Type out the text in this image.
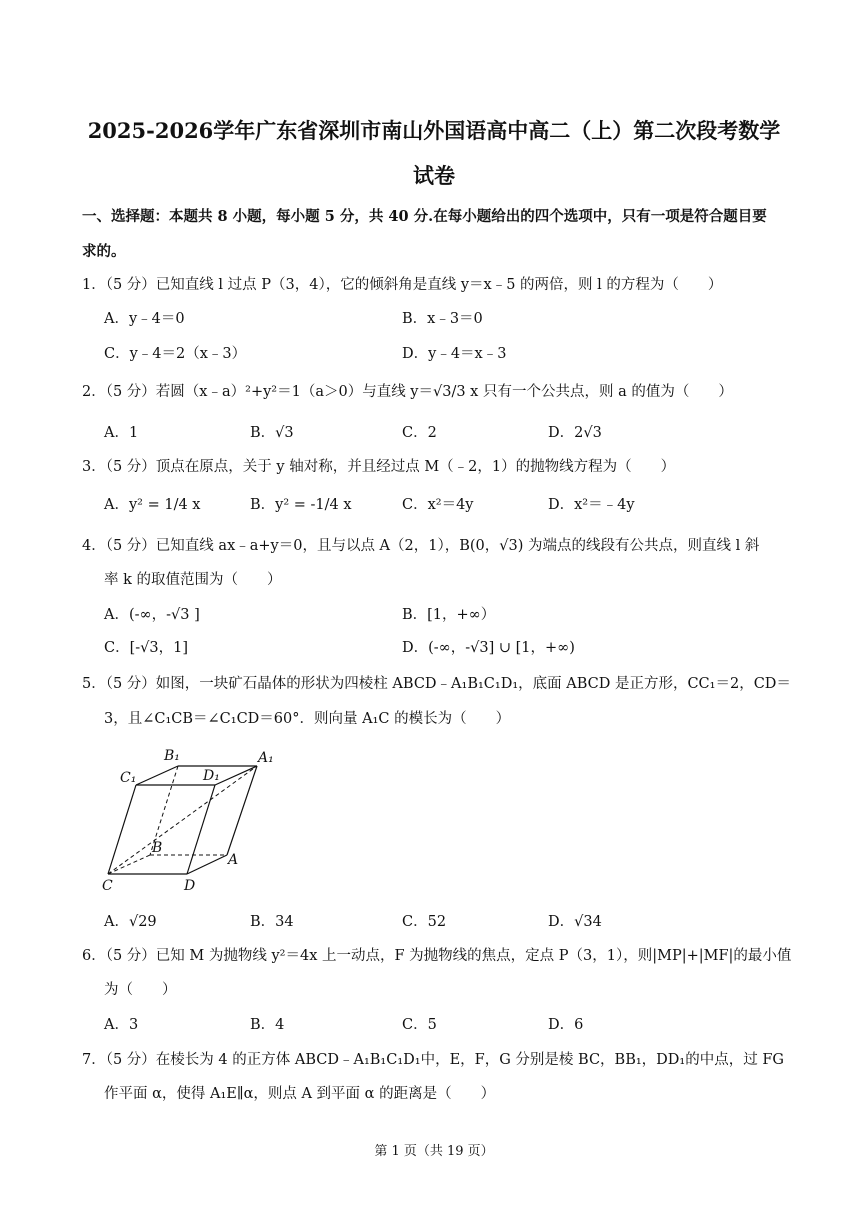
2025-2026学年广东省深圳市南山外国语高中高二（上）第二次段考数学
试卷
一、选择题：本题共 8 小题，每小题 5 分，共 40 分.在每小题给出的四个选项中，只有一项是符合题目要
求的。
1．（5 分）已知直线 l 过点 P（3，4），它的倾斜角是直线 y＝x﹣5 的两倍，则 l 的方程为（　　）
A．y﹣4＝0	B．x﹣3＝0
C．y﹣4＝2（x﹣3）	D．y﹣4＝x﹣3
2．（5 分）若圆（x﹣a）²+y²＝1（a＞0）与直线 y＝√3/3 x 只有一个公共点，则 a 的值为（　　）
A．1	B．√3	C．2	D．2√3
3．（5 分）顶点在原点，关于 y 轴对称，并且经过点 M（﹣2，1）的抛物线方程为（　　）
A．y² = 1/4 x	B．y² = -1/4 x	C．x²＝4y	D．x²＝﹣4y
4．（5 分）已知直线 ax﹣a+y＝0，且与以点 A（2，1），B(0，√3) 为端点的线段有公共点，则直线 l 斜
率 k 的取值范围为（　　）
A．(-∞，-√3 ]	B．[1，+∞）
C．[-√3，1]	D．(-∞，-√3] ∪ [1，+∞)
5．（5 分）如图，一块矿石晶体的形状为四棱柱 ABCD﹣A₁B₁C₁D₁，底面 ABCD 是正方形，CC₁＝2，CD＝
3，且∠C₁CB＝∠C₁CD＝60°．则向量 A₁C 的模长为（　　）
B₁	A₁
C₁	D₁
B
A
C	D
A．√29	B．34	C．52	D．√34
6．（5 分）已知 M 为抛物线 y²＝4x 上一动点，F 为抛物线的焦点，定点 P（3，1），则|MP|+|MF|的最小值
为（　　）
A．3	B．4	C．5	D．6
7．（5 分）在棱长为 4 的正方体 ABCD﹣A₁B₁C₁D₁中，E，F，G 分别是棱 BC，BB₁，DD₁的中点，过 FG
作平面 α，使得 A₁E∥α，则点 A 到平面 α 的距离是（　　）
第 1 页（共 19 页）
